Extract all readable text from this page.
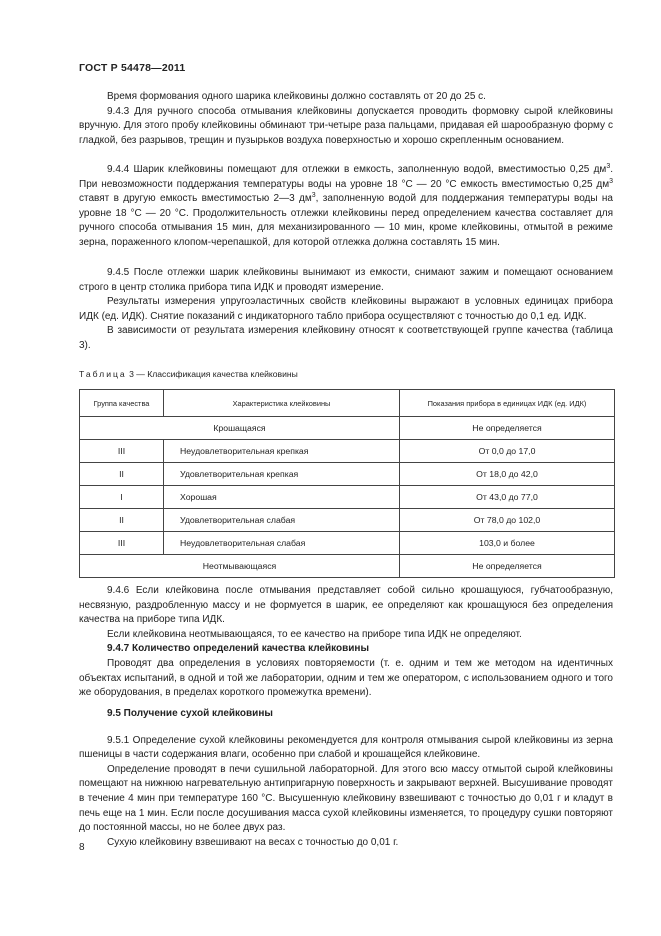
ГОСТ Р 54478—2011

Время формования одного шарика клейковины должно составлять от 20 до 25 с.

9.4.3 Для ручного способа отмывания клейковины допускается проводить формовку сырой клейковины вручную. Для этого пробу клейковины обминают три-четыре раза пальцами, придавая ей шарообразную форму с гладкой, без разрывов, трещин и пузырьков воздуха поверхностью и хорошо скрепленным основанием.

9.4.4 Шарик клейковины помещают для отлежки в емкость, заполненную водой, вместимостью 0,25 $дм^3$. При невозможности поддержания температуры воды на уровне 18 °С — 20 °С емкость вместимостью 0,25 $дм^3$ ставят в другую емкость вместимостью 2—3 $дм^3$, заполненную водой для поддержания температуры воды на уровне 18 °С — 20 °С. Продолжительность отлежки клейковины перед определением качества составляет для ручного способа отмывания 15 мин, для механизированного — 10 мин, кроме клейковины, отмытой в режиме зерна, пораженного клопом-черепашкой, для которой отлежка должна составлять 15 мин.

9.4.5 После отлежки шарик клейковины вынимают из емкости, снимают зажим и помещают основанием строго в центр столика прибора типа ИДК и проводят измерение.

Результаты измерения упругоэластичных свойств клейковины выражают в условных единицах прибора ИДК (ед. ИДК). Снятие показаний с индикаторного табло прибора осуществляют с точностью до 0,1 ед. ИДК.

В зависимости от результата измерения клейковину относят к соответствующей группе качества (таблица 3).

Таблица 3 — Классификация качества клейковины
Группа качества	Характеристика клейковины	Показания прибора в единицах ИДК (ед. ИДК)
Крошащаяся		Не определяется
III	Неудовлетворительная крепкая	От 0,0 до 17,0
II	Удовлетворительная крепкая	От 18,0 до 42,0
I	Хорошая	От 43,0 до 77,0
II	Удовлетворительная слабая	От 78,0 до 102,0
III	Неудовлетворительная слабая	103,0 и более
Неотмывающаяся		Не определяется

9.4.6 Если клейковина после отмывания представляет собой сильно крошащуюся, губчатообразную, несвязную, раздробленную массу и не формуется в шарик, ее определяют как крошащуюся без определения качества на приборе типа ИДК.

Если клейковина неотмывающаяся, то ее качество на приборе типа ИДК не определяют.

9.4.7 Количество определений качества клейковины

Проводят два определения в условиях повторяемости (т. е. одним и тем же методом на идентичных объектах испытаний, в одной и той же лаборатории, одним и тем же оператором, с использованием одного и того же оборудования, в пределах короткого промежутка времени).

9.5 Получение сухой клейковины

9.5.1 Определение сухой клейковины рекомендуется для контроля отмывания сырой клейковины из зерна пшеницы в части содержания влаги, особенно при слабой и крошащейся клейковине.

Определение проводят в печи сушильной лабораторной. Для этого всю массу отмытой сырой клейковины помещают на нижнюю нагревательную антипригарную поверхность и закрывают верхней. Высушивание проводят в течение 4 мин при температуре 160 °С. Высушенную клейковину взвешивают с точностью до 0,01 г и кладут в печь еще на 1 мин. Если после досушивания масса сухой клейковины изменяется, то процедуру сушки повторяют до постоянной массы, но не более двух раз.

Сухую клейковину взвешивают на весах с точностью до 0,01 г.

8
